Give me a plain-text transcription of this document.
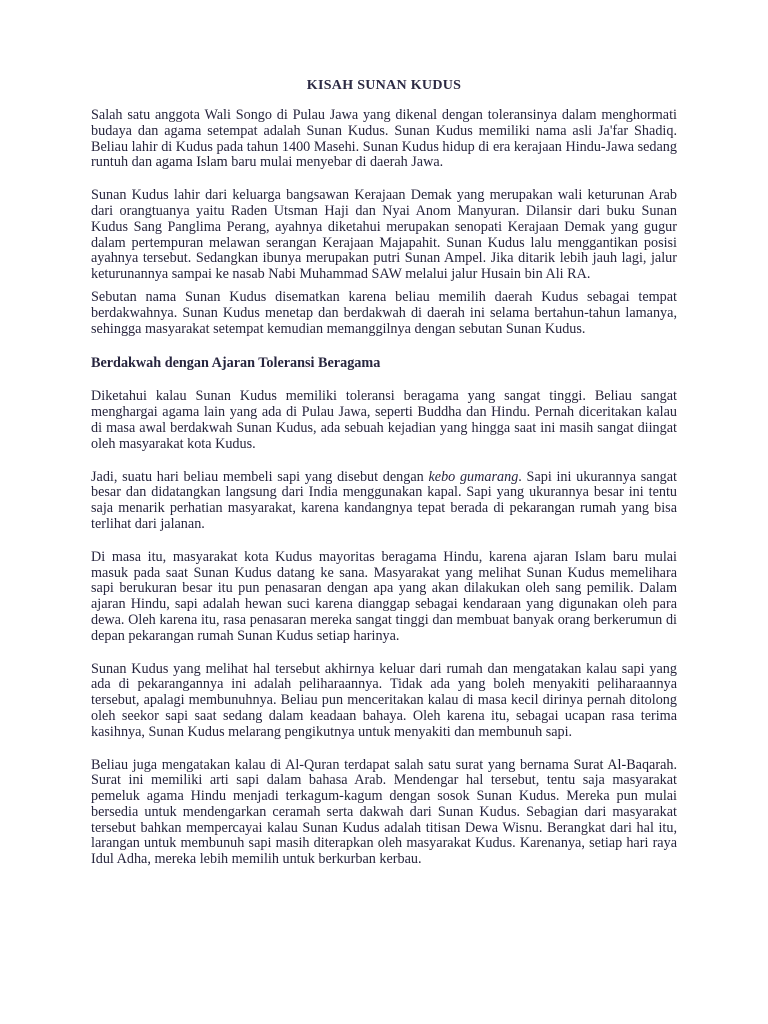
KISAH SUNAN KUDUS

Salah satu anggota Wali Songo di Pulau Jawa yang dikenal dengan toleransinya dalam menghormati budaya dan agama setempat adalah Sunan Kudus. Sunan Kudus memiliki nama asli Ja'far Shadiq. Beliau lahir di Kudus pada tahun 1400 Masehi. Sunan Kudus hidup di era kerajaan Hindu-Jawa sedang runtuh dan agama Islam baru mulai menyebar di daerah Jawa.

Sunan Kudus lahir dari keluarga bangsawan Kerajaan Demak yang merupakan wali keturunan Arab dari orangtuanya yaitu Raden Utsman Haji dan Nyai Anom Manyuran. Dilansir dari buku Sunan Kudus Sang Panglima Perang, ayahnya diketahui merupakan senopati Kerajaan Demak yang gugur dalam pertempuran melawan serangan Kerajaan Majapahit. Sunan Kudus lalu menggantikan posisi ayahnya tersebut. Sedangkan ibunya merupakan putri Sunan Ampel. Jika ditarik lebih jauh lagi, jalur keturunannya sampai ke nasab Nabi Muhammad SAW melalui jalur Husain bin Ali RA.

Sebutan nama Sunan Kudus disematkan karena beliau memilih daerah Kudus sebagai tempat berdakwahnya. Sunan Kudus menetap dan berdakwah di daerah ini selama bertahun-tahun lamanya, sehingga masyarakat setempat kemudian memanggilnya dengan sebutan Sunan Kudus.

Berdakwah dengan Ajaran Toleransi Beragama

Diketahui kalau Sunan Kudus memiliki toleransi beragama yang sangat tinggi. Beliau sangat menghargai agama lain yang ada di Pulau Jawa, seperti Buddha dan Hindu. Pernah diceritakan kalau di masa awal berdakwah Sunan Kudus, ada sebuah kejadian yang hingga saat ini masih sangat diingat oleh masyarakat kota Kudus.

Jadi, suatu hari beliau membeli sapi yang disebut dengan kebo gumarang. Sapi ini ukurannya sangat besar dan didatangkan langsung dari India menggunakan kapal. Sapi yang ukurannya besar ini tentu saja menarik perhatian masyarakat, karena kandangnya tepat berada di pekarangan rumah yang bisa terlihat dari jalanan.

Di masa itu, masyarakat kota Kudus mayoritas beragama Hindu, karena ajaran Islam baru mulai masuk pada saat Sunan Kudus datang ke sana. Masyarakat yang melihat Sunan Kudus memelihara sapi berukuran besar itu pun penasaran dengan apa yang akan dilakukan oleh sang pemilik. Dalam ajaran Hindu, sapi adalah hewan suci karena dianggap sebagai kendaraan yang digunakan oleh para dewa. Oleh karena itu, rasa penasaran mereka sangat tinggi dan membuat banyak orang berkerumun di depan pekarangan rumah Sunan Kudus setiap harinya.

Sunan Kudus yang melihat hal tersebut akhirnya keluar dari rumah dan mengatakan kalau sapi yang ada di pekarangannya ini adalah peliharaannya. Tidak ada yang boleh menyakiti peliharaannya tersebut, apalagi membunuhnya. Beliau pun menceritakan kalau di masa kecil dirinya pernah ditolong oleh seekor sapi saat sedang dalam keadaan bahaya. Oleh karena itu, sebagai ucapan rasa terima kasihnya, Sunan Kudus melarang pengikutnya untuk menyakiti dan membunuh sapi.

Beliau juga mengatakan kalau di Al-Quran terdapat salah satu surat yang bernama Surat Al-Baqarah. Surat ini memiliki arti sapi dalam bahasa Arab. Mendengar hal tersebut, tentu saja masyarakat pemeluk agama Hindu menjadi terkagum-kagum dengan sosok Sunan Kudus. Mereka pun mulai bersedia untuk mendengarkan ceramah serta dakwah dari Sunan Kudus. Sebagian dari masyarakat tersebut bahkan mempercayai kalau Sunan Kudus adalah titisan Dewa Wisnu. Berangkat dari hal itu, larangan untuk membunuh sapi masih diterapkan oleh masyarakat Kudus. Karenanya, setiap hari raya Idul Adha, mereka lebih memilih untuk berkurban kerbau.
